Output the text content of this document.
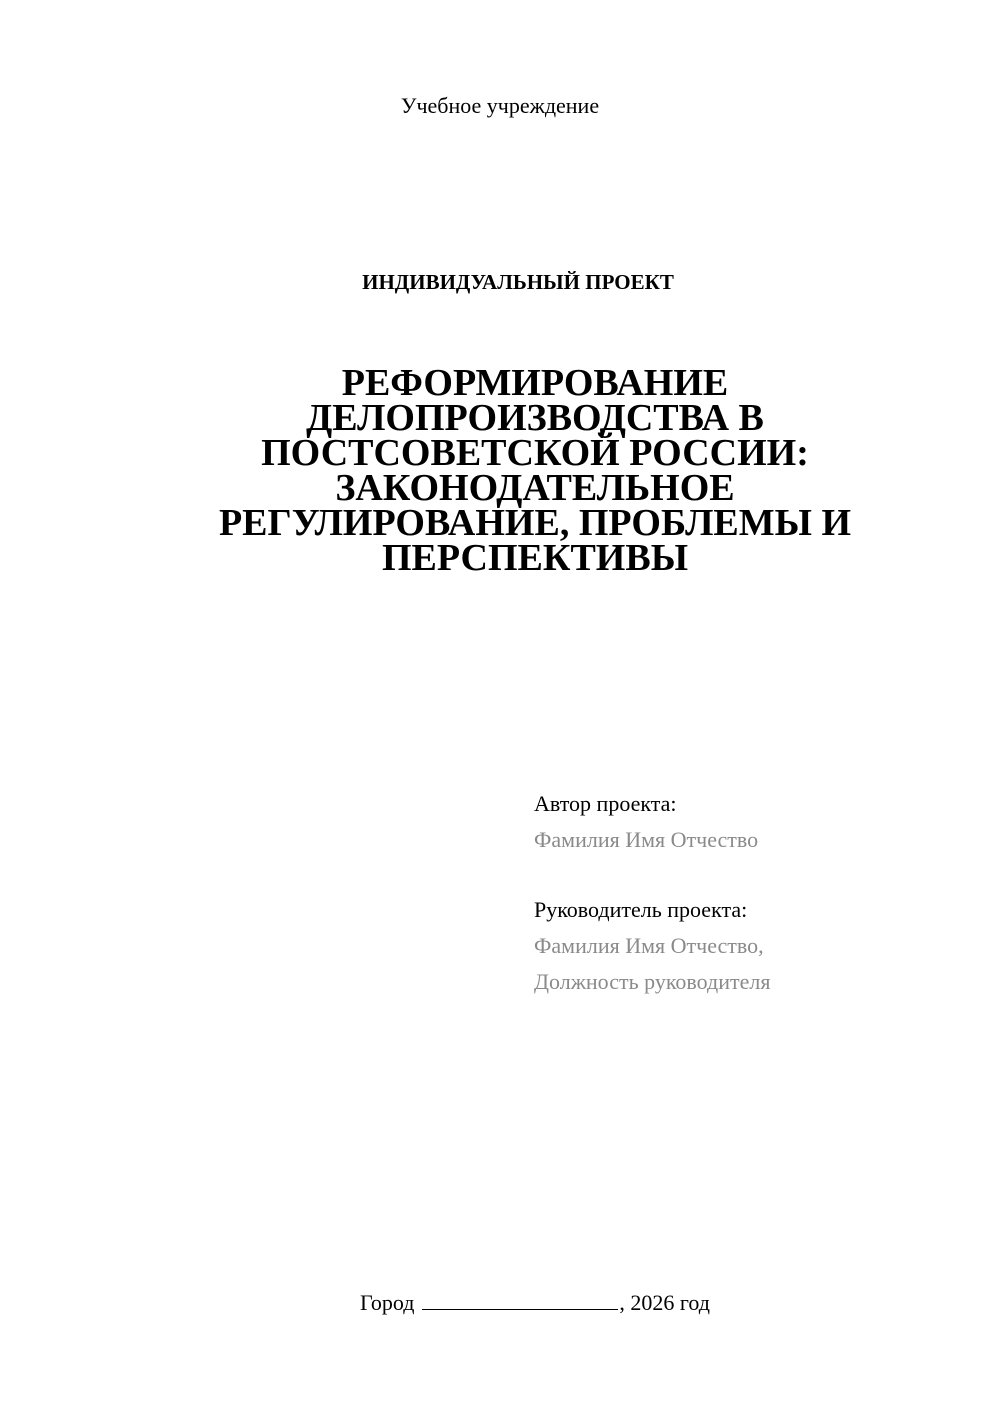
Учебное учреждение
ИНДИВИДУАЛЬНЫЙ ПРОЕКТ
РЕФОРМИРОВАНИЕ
ДЕЛОПРОИЗВОДСТВА В
ПОСТСОВЕТСКОЙ РОССИИ:
ЗАКОНОДАТЕЛЬНОЕ
РЕГУЛИРОВАНИЕ, ПРОБЛЕМЫ И
ПЕРСПЕКТИВЫ
Автор проекта:
Фамилия Имя Отчество
Руководитель проекта:
Фамилия Имя Отчество,
Должность руководителя
Город	, 2026 год
